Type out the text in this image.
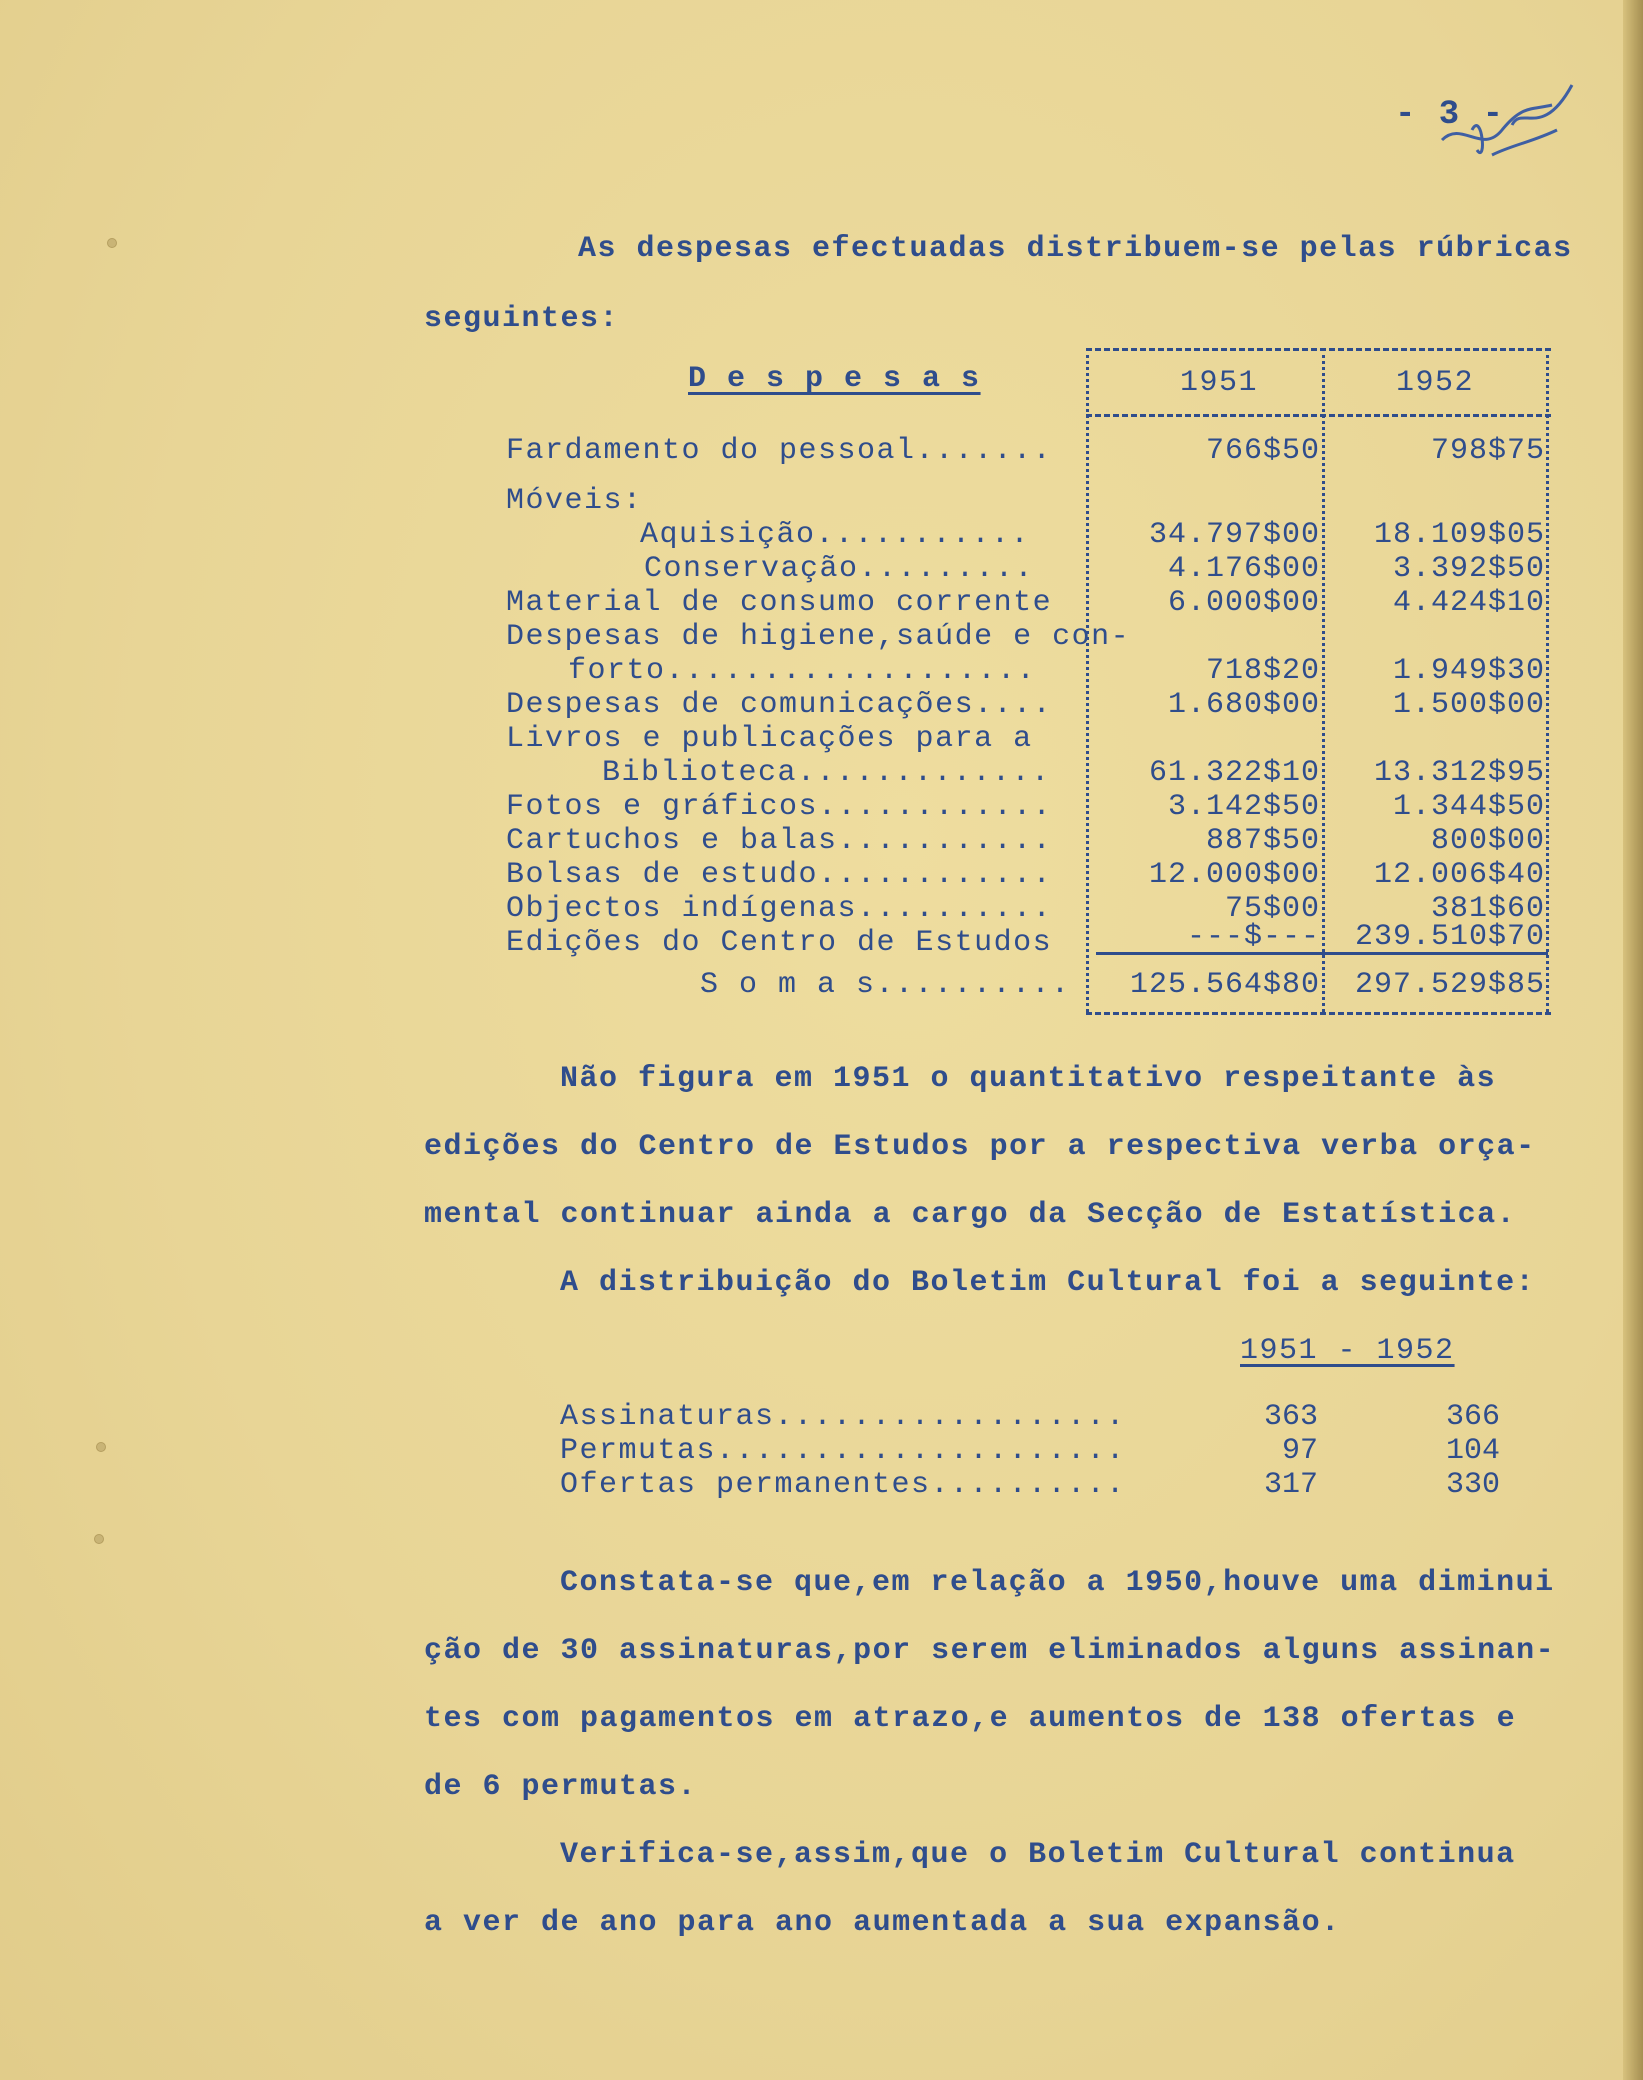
- 3 -
As despesas efectuadas distribuem-se pelas rúbricas
seguintes:
D e s p e s a s	1951	1952
Fardamento do pessoal.......	766$50	798$75
Móveis:
Aquisição...........	34.797$00	18.109$05
Conservação.........	4.176$00	3.392$50
Material de consumo corrente	6.000$00	4.424$10
Despesas de higiene,saúde e con-
forto...................	718$20	1.949$30
Despesas de comunicações....	1.680$00	1.500$00
Livros e publicações para a
Biblioteca.............	61.322$10	13.312$95
Fotos e gráficos............	3.142$50	1.344$50
Cartuchos e balas...........	887$50	800$00
Bolsas de estudo............	12.000$00	12.006$40
Objectos indígenas..........	75$00	381$60
Edições do Centro de Estudos	---$---	239.510$70
S o m a s..........	125.564$80	297.529$85
Não figura em 1951 o quantitativo respeitante às
edições do Centro de Estudos por a respectiva verba orça-
mental continuar ainda a cargo da Secção de Estatística.
A distribuição do Boletim Cultural foi a seguinte:
1951 - 1952
Assinaturas..................	363	366
Permutas.....................	97	104
Ofertas permanentes..........	317	330
Constata-se que,em relação a 1950,houve uma diminui
ção de 30 assinaturas,por serem eliminados alguns assinan-
tes com pagamentos em atrazo,e aumentos de 138 ofertas e
de 6 permutas.
Verifica-se,assim,que o Boletim Cultural continua
a ver de ano para ano aumentada a sua expansão.
